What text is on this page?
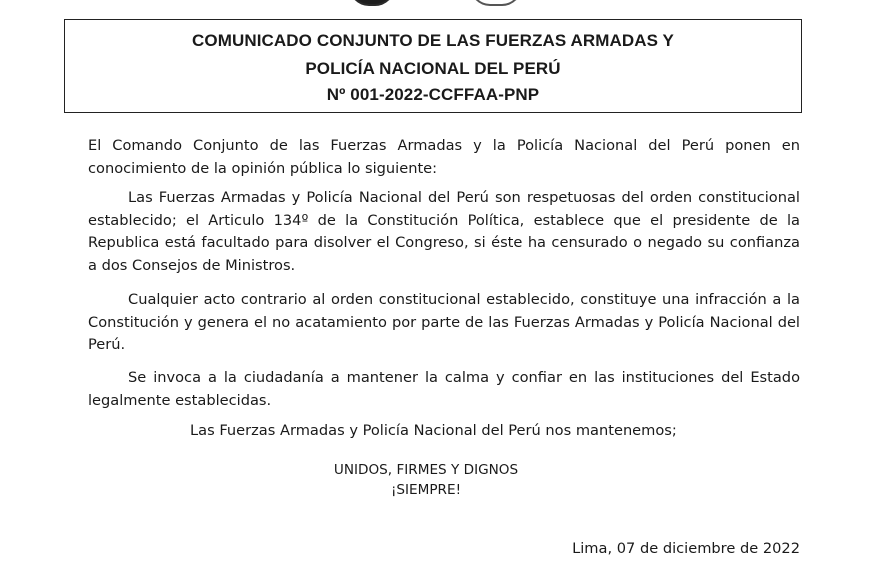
COMUNICADO CONJUNTO DE LAS FUERZAS ARMADAS Y
POLICÍA NACIONAL DEL PERÚ
Nº 001-2022-CCFFAA-PNP

El Comando Conjunto de las Fuerzas Armadas y la Policía Nacional del Perú ponen en conocimiento de la opinión pública lo siguiente:

Las Fuerzas Armadas y Policía Nacional del Perú son respetuosas del orden constitucional establecido; el Articulo 134º de la Constitución Política, establece que el presidente de la Republica está facultado para disolver el Congreso, si éste ha censurado o negado su confianza a dos Consejos de Ministros.

Cualquier acto contrario al orden constitucional establecido, constituye una infracción a la Constitución y genera el no acatamiento por parte de las Fuerzas Armadas y Policía Nacional del Perú.

Se invoca a la ciudadanía a mantener la calma y confiar en las instituciones del Estado legalmente establecidas.

Las Fuerzas Armadas y Policía Nacional del Perú nos mantenemos;

UNIDOS, FIRMES Y DIGNOS

¡SIEMPRE!

Lima, 07 de diciembre de 2022
